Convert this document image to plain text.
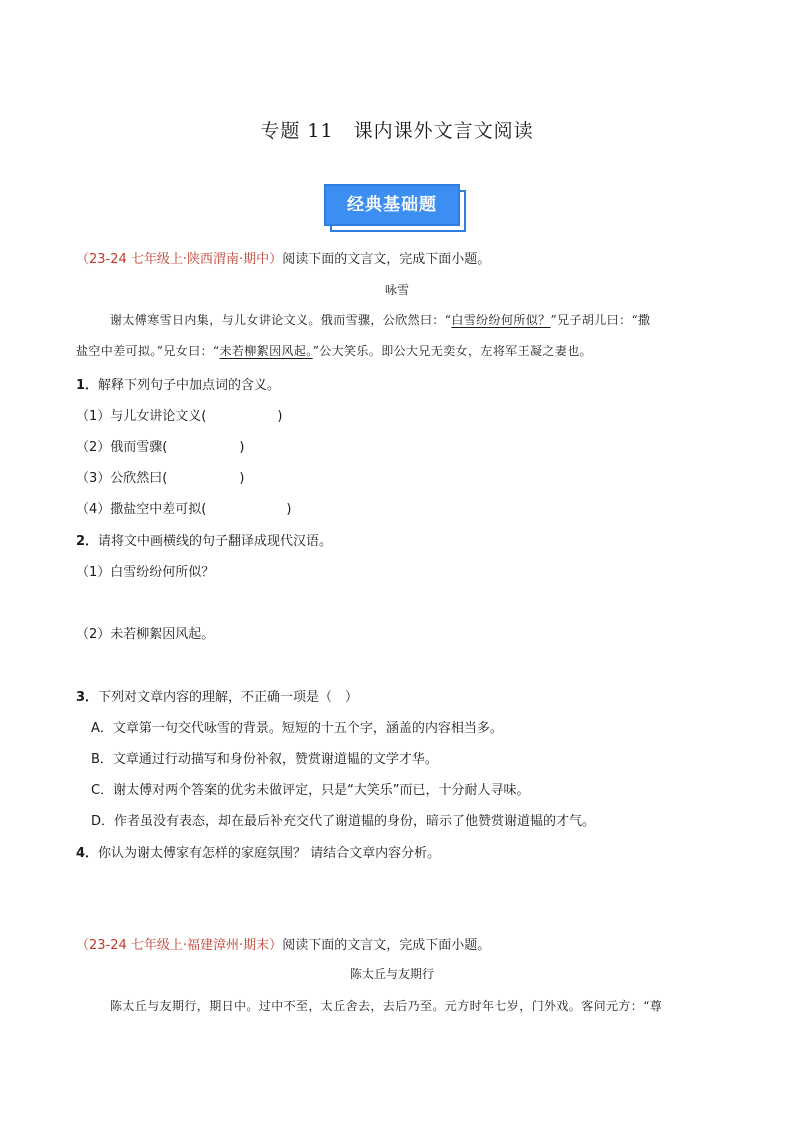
专题 11　课内课外文言文阅读
经典基础题
（23-24 七年级上·陕西渭南·期中）阅读下面的文言文，完成下面小题。
咏雪
谢太傅寒雪日内集，与儿女讲论文义。俄而雪骤，公欣然曰：“白雪纷纷何所似？”兄子胡儿曰：“撒
盐空中差可拟。”兄女曰：“未若柳絮因风起。”公大笑乐。即公大兄无奕女，左将军王凝之妻也。
1．解释下列句子中加点词的含义。
（1）与儿女讲论文义(	)
（2）俄而雪骤(	)
（3）公欣然曰(	)
（4）撒盐空中差可拟(	)
2．请将文中画横线的句子翻译成现代汉语。
（1）白雪纷纷何所似？
（2）未若柳絮因风起。
3．下列对文章内容的理解，不正确一项是（　）
A．文章第一句交代咏雪的背景。短短的十五个字，涵盖的内容相当多。
B．文章通过行动描写和身份补叙，赞赏谢道韫的文学才华。
C．谢太傅对两个答案的优劣未做评定，只是“大笑乐”而已，十分耐人寻味。
D．作者虽没有表态，却在最后补充交代了谢道韫的身份，暗示了他赞赏谢道韫的才气。
4．你认为谢太傅家有怎样的家庭氛围？ 请结合文章内容分析。
（23-24 七年级上·福建漳州·期末）阅读下面的文言文，完成下面小题。
陈太丘与友期行
陈太丘与友期行，期日中。过中不至，太丘舍去，去后乃至。元方时年七岁，门外戏。客问元方：“尊
